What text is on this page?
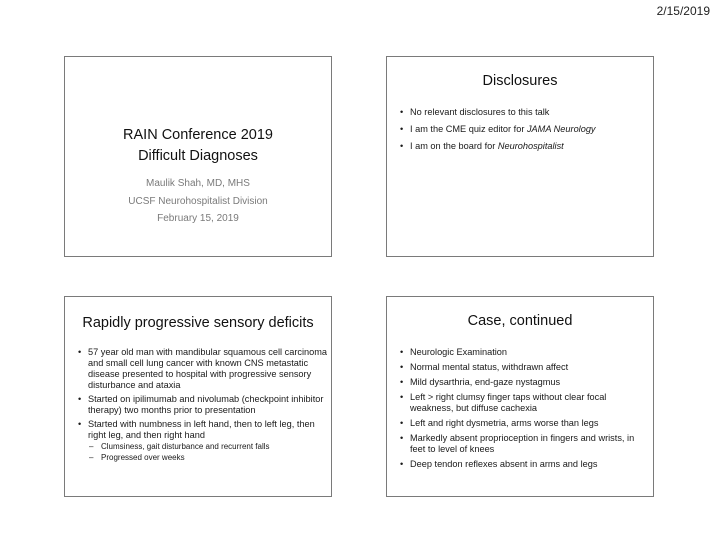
2/15/2019
RAIN Conference 2019
Difficult Diagnoses
Maulik Shah, MD, MHS
UCSF Neurohospitalist Division
February 15, 2019
Disclosures
• No relevant disclosures to this talk
• I am the CME quiz editor for JAMA Neurology
• I am on the board for Neurohospitalist
Rapidly progressive sensory deficits
• 57 year old man with mandibular squamous cell carcinoma and small cell lung cancer with known CNS metastatic disease presented to hospital with progressive sensory disturbance and ataxia
• Started on ipilimumab and nivolumab (checkpoint inhibitor therapy) two months prior to presentation
• Started with numbness in left hand, then to left leg, then right leg, and then right hand
– Clumsiness, gait disturbance and recurrent falls
– Progressed over weeks
Case, continued
• Neurologic Examination
• Normal mental status, withdrawn affect
• Mild dysarthria, end-gaze nystagmus
• Left > right clumsy finger taps without clear focal weakness, but diffuse cachexia
• Left and right dysmetria, arms worse than legs
• Markedly absent proprioception in fingers and wrists, in feet to level of knees
• Deep tendon reflexes absent in arms and legs
